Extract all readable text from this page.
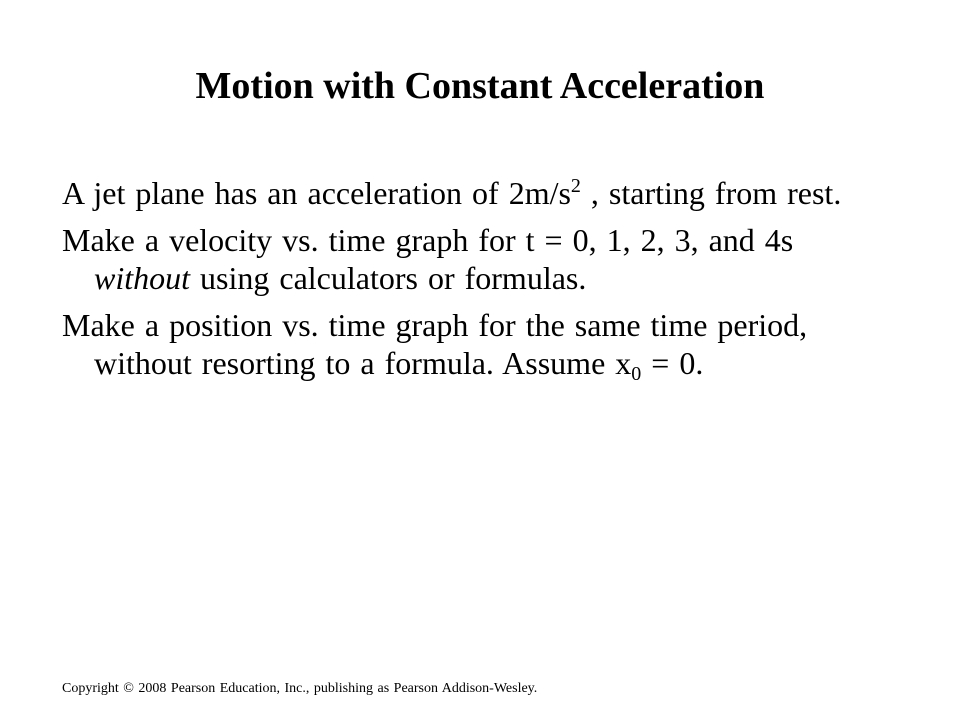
Motion with Constant Acceleration

A jet plane has an acceleration of $2m/s^2$ , starting from rest.

Make a velocity vs. time graph for t = 0, 1, 2, 3, and 4s without using calculators or formulas.

Make a position vs. time graph for the same time period, without resorting to a formula. Assume $x_0 = 0$.

Copyright © 2008 Pearson Education, Inc., publishing as Pearson Addison-Wesley.
